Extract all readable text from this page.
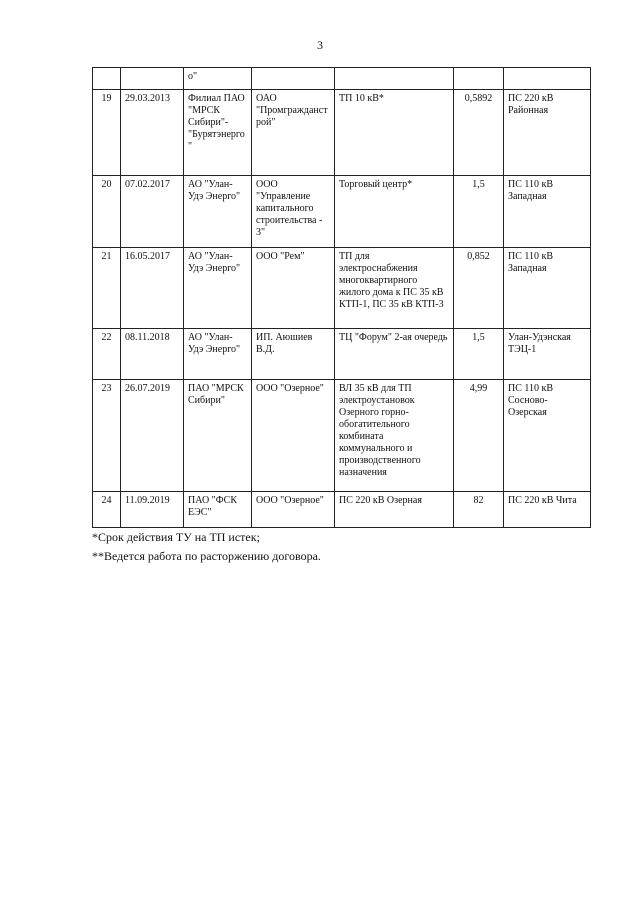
3
		о"				
19	29.03.2013	Филиал ПАО "МРСК Сибири"-"Бурятэнерго"	ОАО "Промгражданстрой"	ТП 10 кВ*	0,5892	ПС 220 кВ Районная
20	07.02.2017	АО "Улан-Удэ Энерго"	ООО "Управление капитального строительства - 3"	Торговый центр*	1,5	ПС 110 кВ Западная
21	16.05.2017	АО "Улан-Удэ Энерго"	ООО "Рем"	ТП для электроснабжения многоквартирного жилого дома к ПС 35 кВ КТП-1, ПС 35 кВ КТП-3	0,852	ПС 110 кВ Западная
22	08.11.2018	АО "Улан-Удэ Энерго"	ИП. Аюшиев В.Д.	ТЦ "Форум" 2-ая очередь	1,5	Улан-Удэнская ТЭЦ-1
23	26.07.2019	ПАО "МРСК Сибири"	ООО "Озерное"	ВЛ 35 кВ для ТП электроустановок Озерного горно-обогатительного комбината коммунального и производственного назначения	4,99	ПС 110 кВ Сосново-Озерская
24	11.09.2019	ПАО "ФСК ЕЭС"	ООО "Озерное"	ПС 220 кВ Озерная	82	ПС 220 кВ Чита
*Срок действия ТУ на ТП истек;
**Ведется работа по расторжению договора.
